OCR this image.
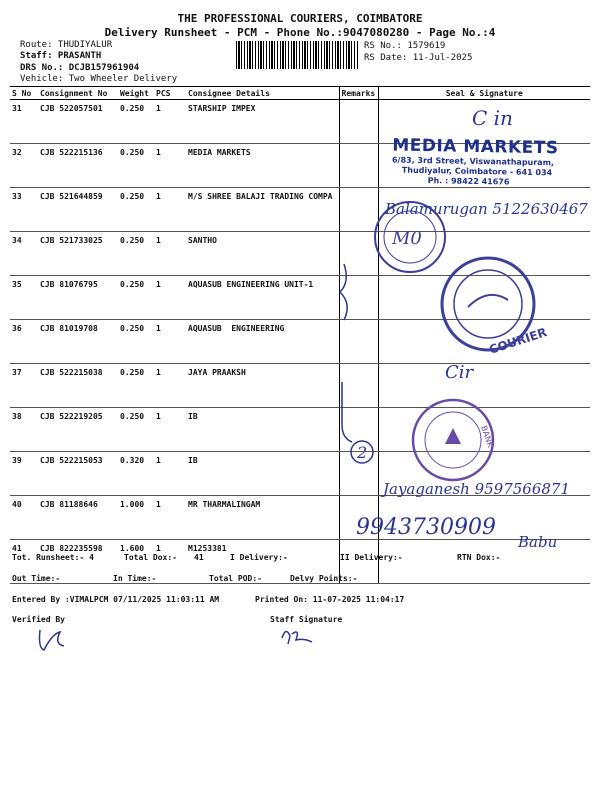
THE PROFESSIONAL COURIERS, COIMBATORE
Delivery Runsheet - PCM - Phone No.:9047080280 - Page No.:4
Route: THUDIYALUR
Staff: PRASANTH
DRS No.: DCJB157961904
Vehicle: Two Wheeler Delivery
RS No.: 1579619
RS Date: 11-Jul-2025
S No	Consignment No	Weight	PCS	Consignee Details	Remarks	Seal & Signature
31	CJB 522057501	0.250	1	STARSHIP IMPEX		
32	CJB 522215136	0.250	1	MEDIA MARKETS		
33	CJB 521644859	0.250	1	M/S SHREE BALAJI TRADING COMPA		
34	CJB 521733025	0.250	1	SANTHO		
35	CJB 81076795	0.250	1	AQUASUB ENGINEERING UNIT-1		
36	CJB 81019708	0.250	1	AQUASUB  ENGINEERING		
37	CJB 522215038	0.250	1	JAYA PRAAKSH		
38	CJB 522219205	0.250	1	IB		
39	CJB 522215053	0.320	1	IB		
40	CJB 81188646	1.000	1	MR THARMALINGAM		
41	CJB 822235598	1.600	1	M1253381		
C in
MEDIA MARKETS
6/83, 3rd Street, Viswanathapuram,
Thudiyalur, Coimbatore - 641 034
Ph. : 98422 41676
M0
Balamurugan 5122630467
COURIER
Cir
2
BANK
Jayaganesh 9597566871
9943730909
Babu
Tot. Runsheet:- 4	Total Dox:- 41	I Delivery:-	II Delivery:-	RTN Dox:-
Out Time:-	In Time:-	Total POD:-	Delvy Points:-
Entered By :VIMALPCM 07/11/2025 11:03:11 AM	Printed On: 11-07-2025 11:04:17
Verified By	Staff Signature
